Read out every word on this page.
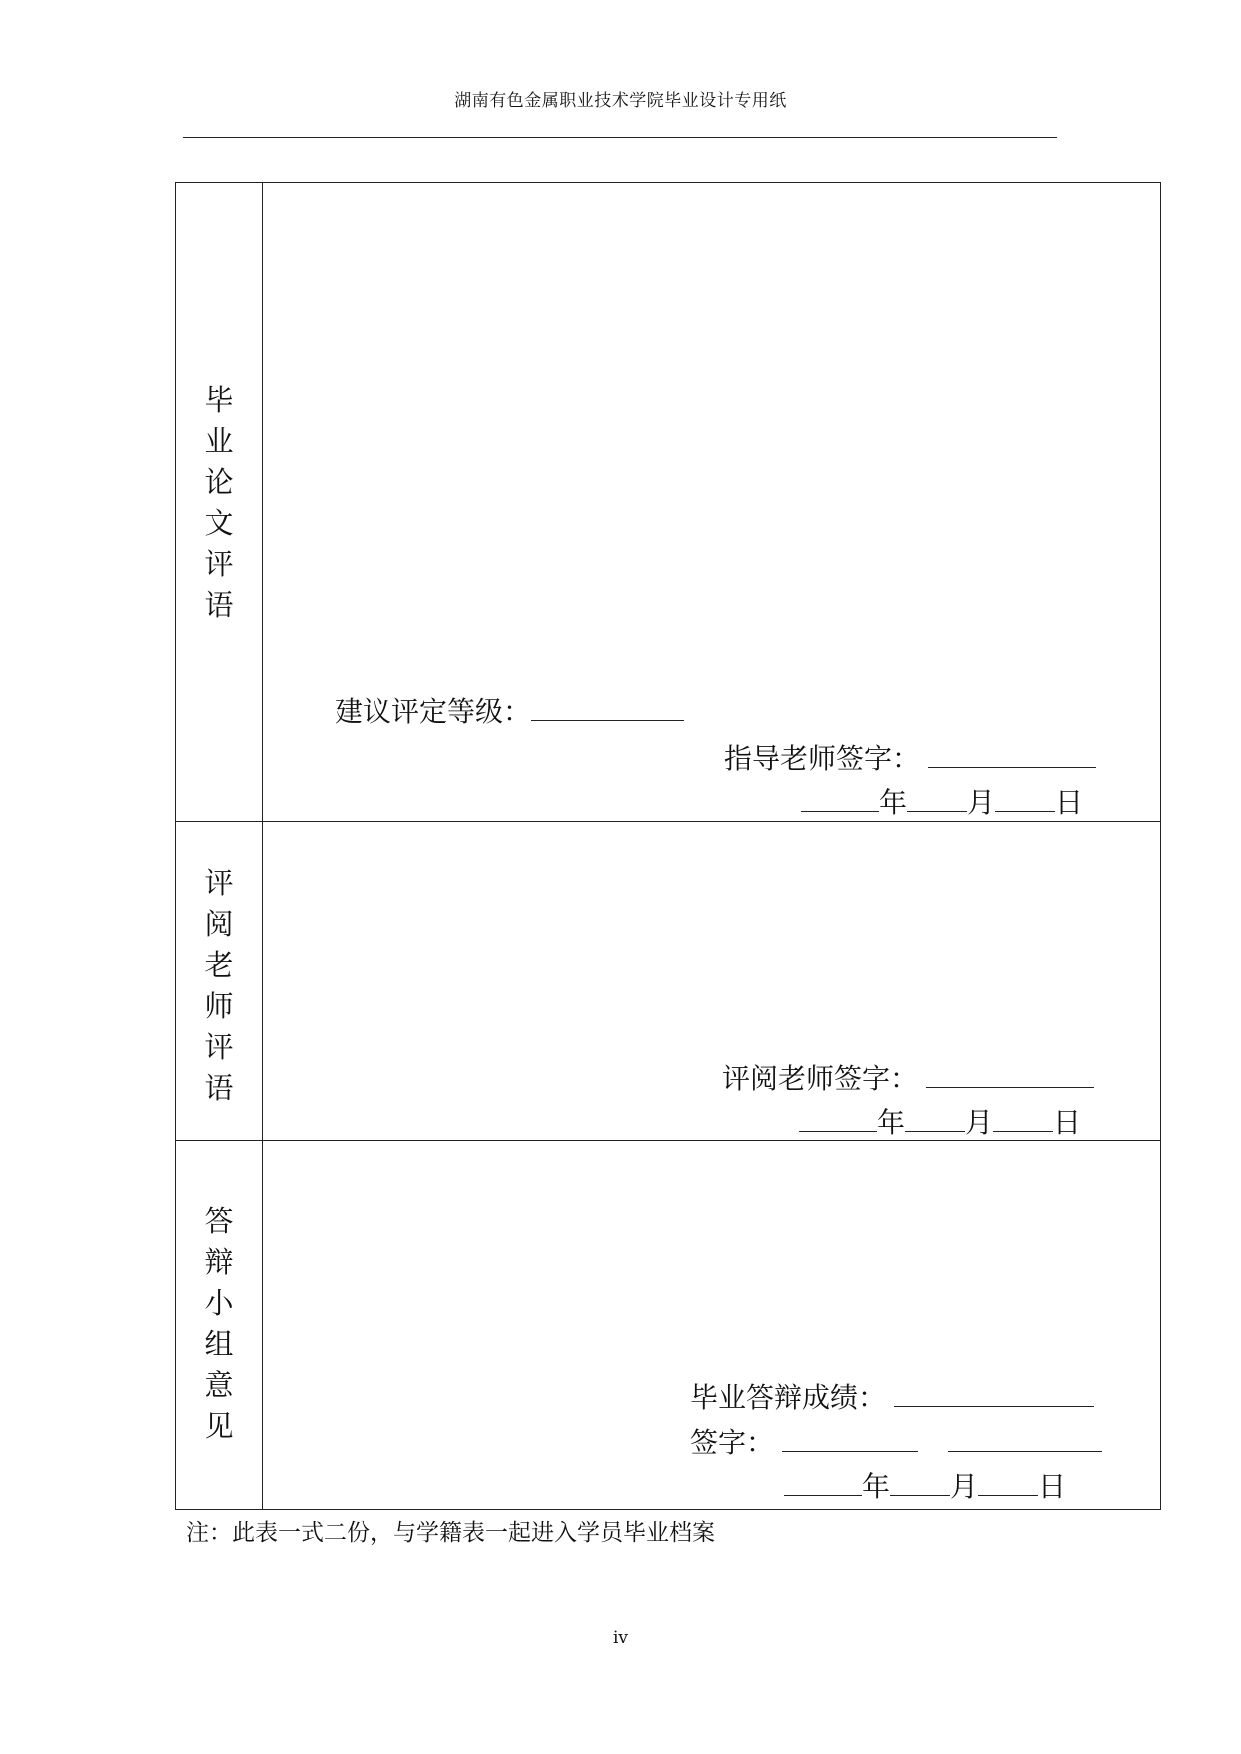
湖南有色金属职业技术学院毕业设计专用纸
毕
业
论
文
评
语
建议评定等级：
指导老师签字：
年 月 日
评
阅
老
师
评
语	评阅老师签字：
年 月 日
答
辩
小
组
意
见
毕业答辩成绩：
签字：
年 月 日
注：此表一式二份，与学籍表一起进入学员毕业档案
iv
